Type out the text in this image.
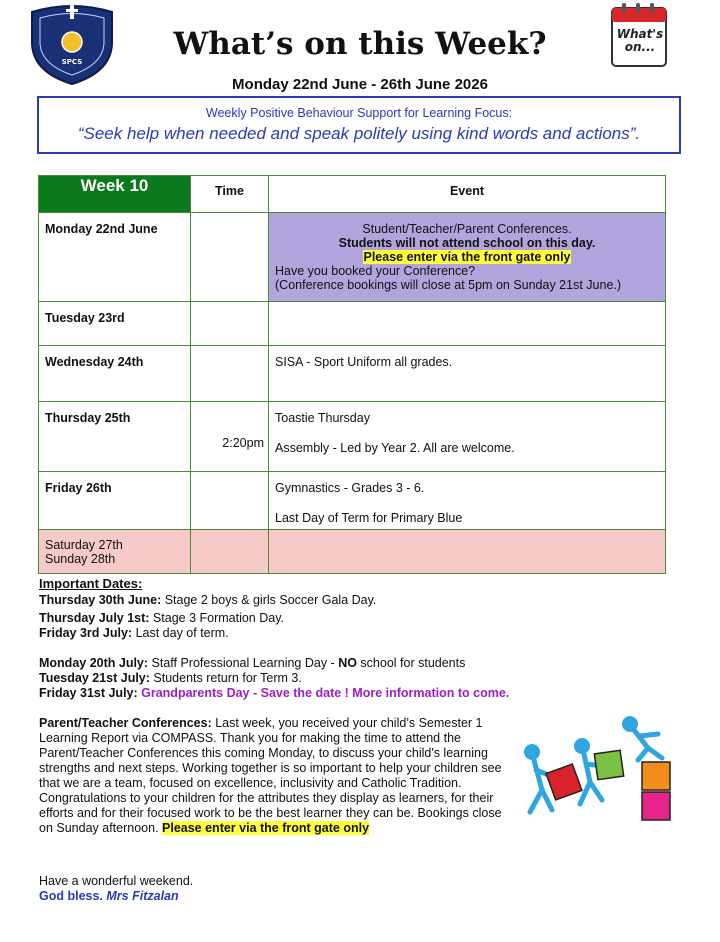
SPCS
What's
on...
What’s on this Week?
Monday 22nd June - 26th June 2026
Weekly Positive Behaviour Support for Learning Focus:
“Seek help when needed and speak politely using kind words and actions”.
Week 10	Time	Event
Monday 22nd June		Student/Teacher/Parent Conferences.
Students will not attend school on this day.
Please enter via the front gate only
Have you booked your Conference?
(Conference bookings will close at 5pm on Sunday 21st June.)

Tuesday 23rd		
Wednesday 24th		SISA - Sport Uniform all grades.
Thursday 25th	2:20pm	Toastie Thursday
Assembly - Led by Year 2. All are welcome.

Friday 26th		Gymnastics - Grades 3 - 6.
Last Day of Term for Primary Blue

Saturday 27th
Sunday 28th		

Important Dates:
Thursday 30th June: Stage 2 boys & girls Soccer Gala Day.
Thursday July 1st: Stage 3 Formation Day.
Friday 3rd July: Last day of term.
Monday 20th July: Staff Professional Learning Day - NO school for students
Tuesday 21st July: Students return for Term 3.
Friday 31st July: Grandparents Day - Save the date ! More information to come.
Parent/Teacher Conferences: Last week, you received your child’s Semester 1 Learning Report via COMPASS. Thank you for making the time to attend the Parent/Teacher Conferences this coming Monday, to discuss your child's learning strengths and next steps. Working together is so important to help your children see that we are a team, focused on excellence, inclusivity and Catholic Tradition. Congratulations to your children for the attributes they display as learners, for their efforts and for their focused work to be the best learner they can be. Bookings close on Sunday afternoon. Please enter via the front gate only
Have a wonderful weekend.
God bless. Mrs Fitzalan
